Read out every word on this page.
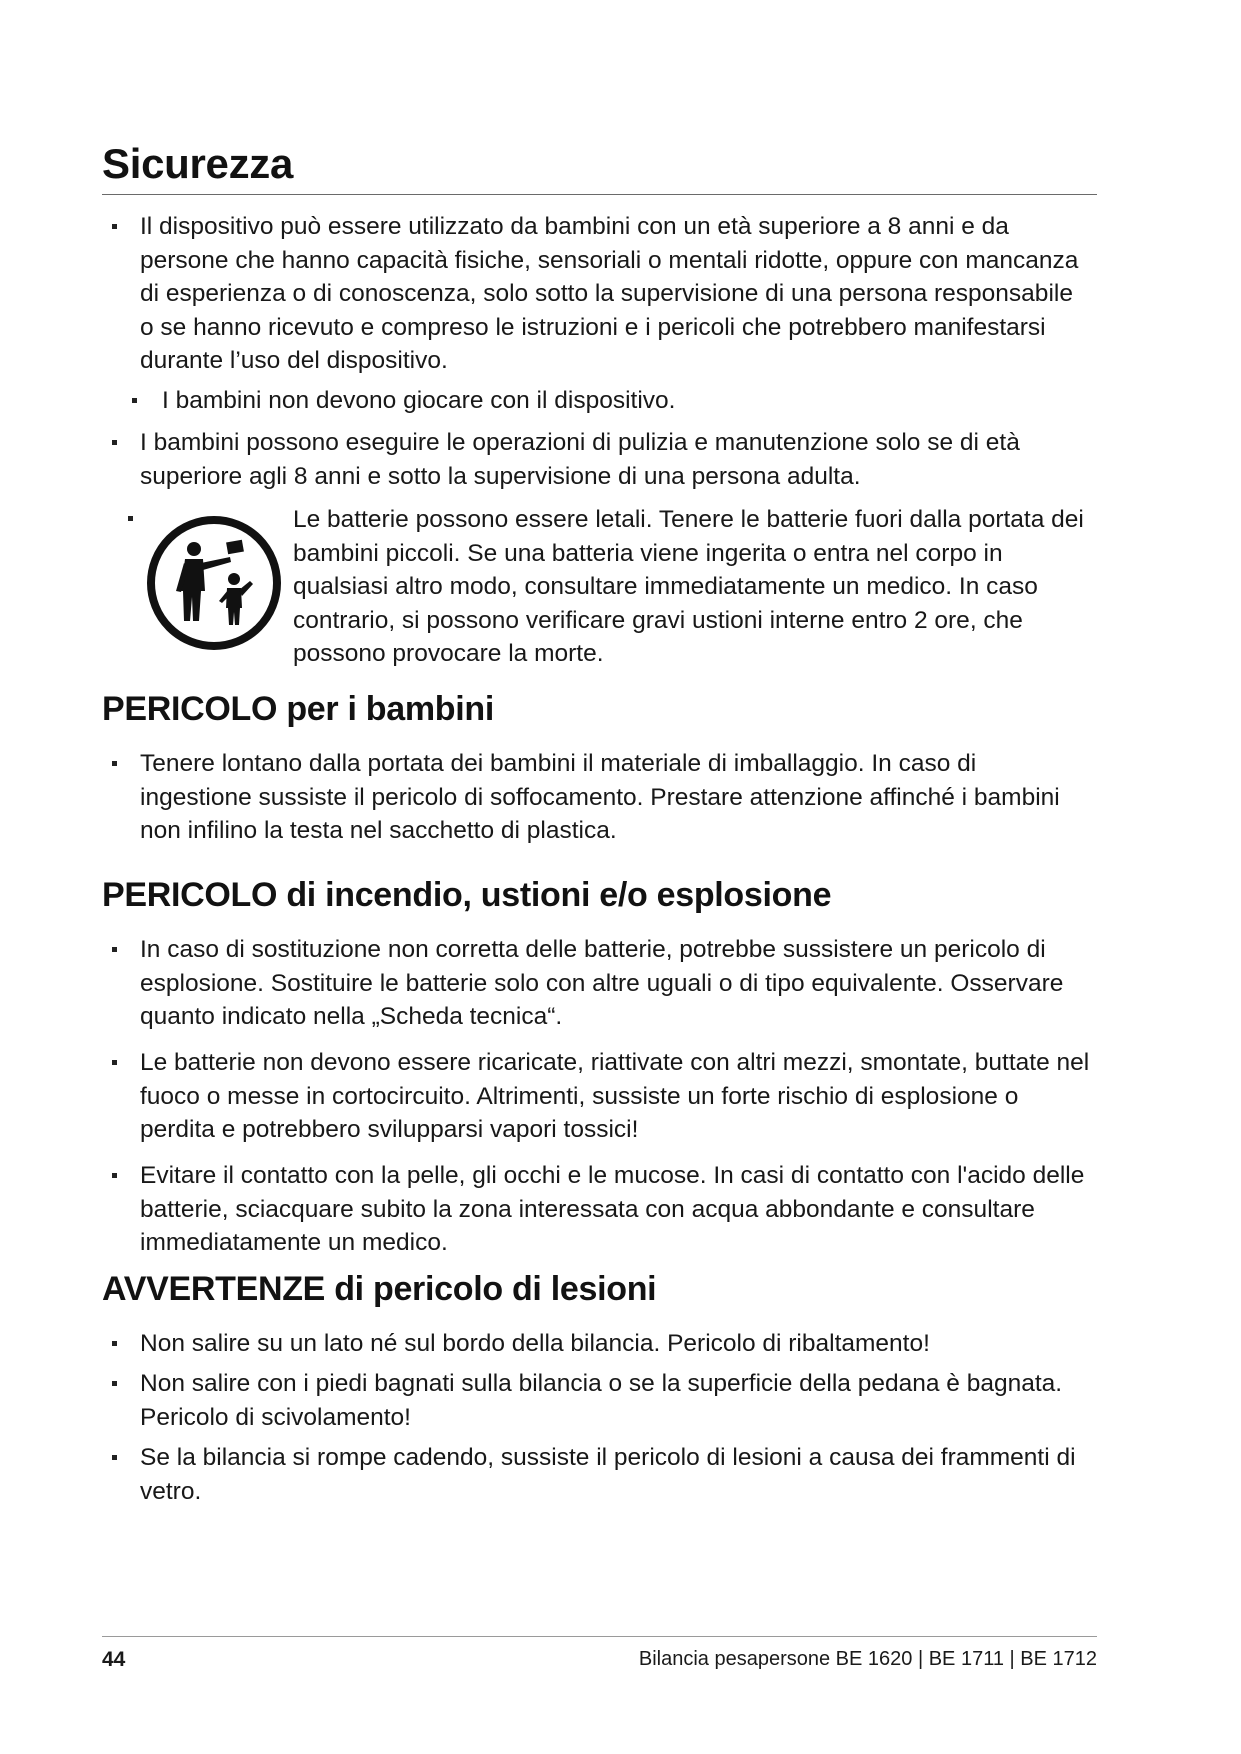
Sicurezza
Il dispositivo può essere utilizzato da bambini con un età superiore a 8 anni e da persone che hanno capacità fisiche, sensoriali o mentali ridotte, oppure con mancanza di esperienza o di conoscenza, solo sotto la supervisione di una persona responsabile o se hanno ricevuto e compreso le istruzioni e i pericoli che potrebbero manifestarsi durante l’uso del dispositivo.
I bambini non devono giocare con il dispositivo.
I bambini possono eseguire le operazioni di pulizia e manutenzione solo se di età superiore agli 8 anni e sotto la supervisione di una persona adulta.
Le batterie possono essere letali. Tenere le batterie fuori dalla portata dei bambini piccoli. Se una batteria viene ingerita o entra nel corpo in qualsiasi altro modo, consultare immediatamente un medico. In caso contrario, si possono verificare gravi ustioni interne entro 2 ore, che possono provocare la morte.
PERICOLO per i bambini
Tenere lontano dalla portata dei bambini il materiale di imballaggio. In caso di ingestione sussiste il pericolo di soffocamento. Prestare attenzione affinché i bambini non infilino la testa nel sacchetto di plastica.
PERICOLO di incendio, ustioni e/o esplosione
In caso di sostituzione non corretta delle batterie, potrebbe sussistere un pericolo di esplosione. Sostituire le batterie solo con altre uguali o di tipo equivalente. Osservare quanto indicato nella „Scheda tecnica“.
Le batterie non devono essere ricaricate, riattivate con altri mezzi, smontate, buttate nel fuoco o messe in cortocircuito. Altrimenti, sussiste un forte rischio di esplosione o perdita e potrebbero svilupparsi vapori tossici!
Evitare il contatto con la pelle, gli occhi e le mucose. In casi di contatto con l'acido delle batterie, sciacquare subito la zona interessata con acqua abbondante e consultare immediatamente un medico.
AVVERTENZE di pericolo di lesioni
Non salire su un lato né sul bordo della bilancia. Pericolo di ribaltamento!
Non salire con i piedi bagnati sulla bilancia o se la superficie della pedana è bagnata. Pericolo di scivolamento!
Se la bilancia si rompe cadendo, sussiste il pericolo di lesioni a causa dei frammenti di vetro.
44	Bilancia pesapersone BE 1620 | BE 1711 | BE 1712
